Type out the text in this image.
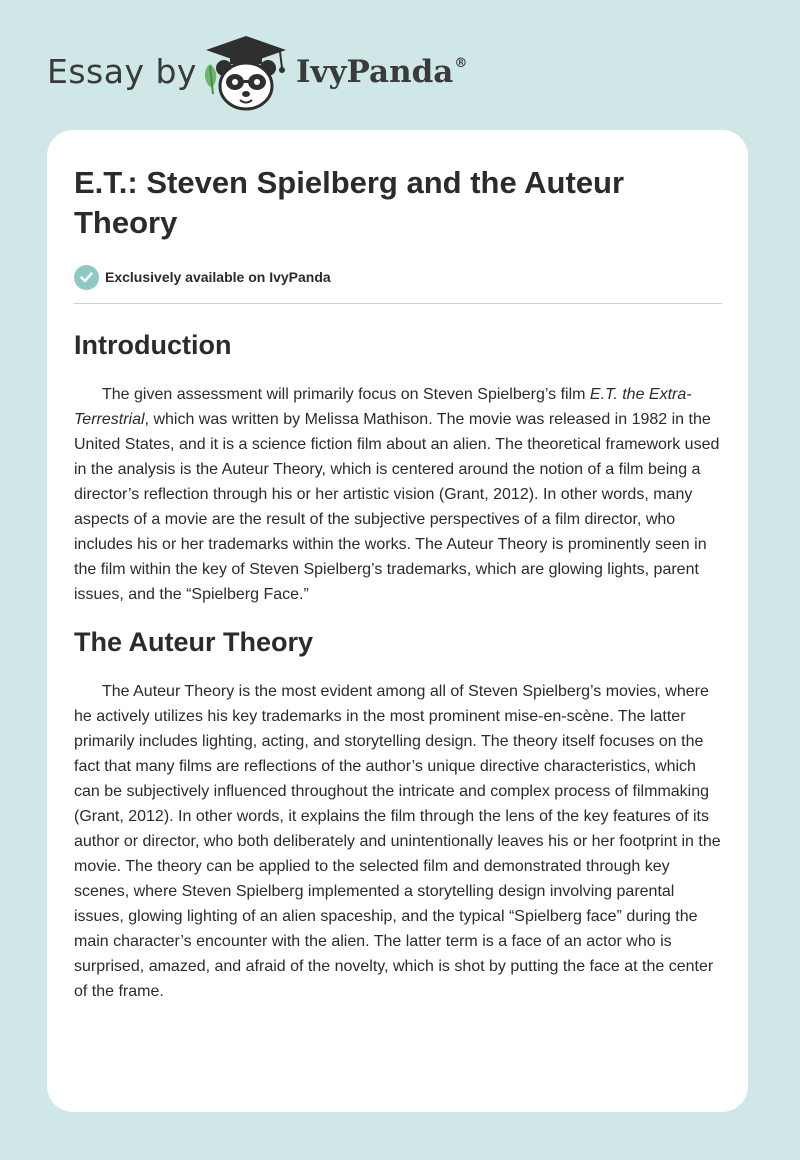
Essay by	IvyPanda®
E.T.: Steven Spielberg and the Auteur Theory
Exclusively available on IvyPanda
Introduction

The given assessment will primarily focus on Steven Spielberg’s film E.T. the Extra-Terrestrial, which was written by Melissa Mathison. The movie was released in 1982 in the United States, and it is a science fiction film about an alien. The theoretical framework used in the analysis is the Auteur Theory, which is centered around the notion of a film being a director’s reflection through his or her artistic vision (Grant, 2012). In other words, many aspects of a movie are the result of the subjective perspectives of a film director, who includes his or her trademarks within the works. The Auteur Theory is prominently seen in the film within the key of Steven Spielberg’s trademarks, which are glowing lights, parent issues, and the “Spielberg Face.”

The Auteur Theory

The Auteur Theory is the most evident among all of Steven Spielberg’s movies, where he actively utilizes his key trademarks in the most prominent mise-en-scène. The latter primarily includes lighting, acting, and storytelling design. The theory itself focuses on the fact that many films are reflections of the author’s unique directive characteristics, which can be subjectively influenced throughout the intricate and complex process of filmmaking (Grant, 2012). In other words, it explains the film through the lens of the key features of its author or director, who both deliberately and unintentionally leaves his or her footprint in the movie. The theory can be applied to the selected film and demonstrated through key scenes, where Steven Spielberg implemented a storytelling design involving parental issues, glowing lighting of an alien spaceship, and the typical “Spielberg face” during the main character’s encounter with the alien. The latter term is a face of an actor who is surprised, amazed, and afraid of the novelty, which is shot by putting the face at the center of the frame.
